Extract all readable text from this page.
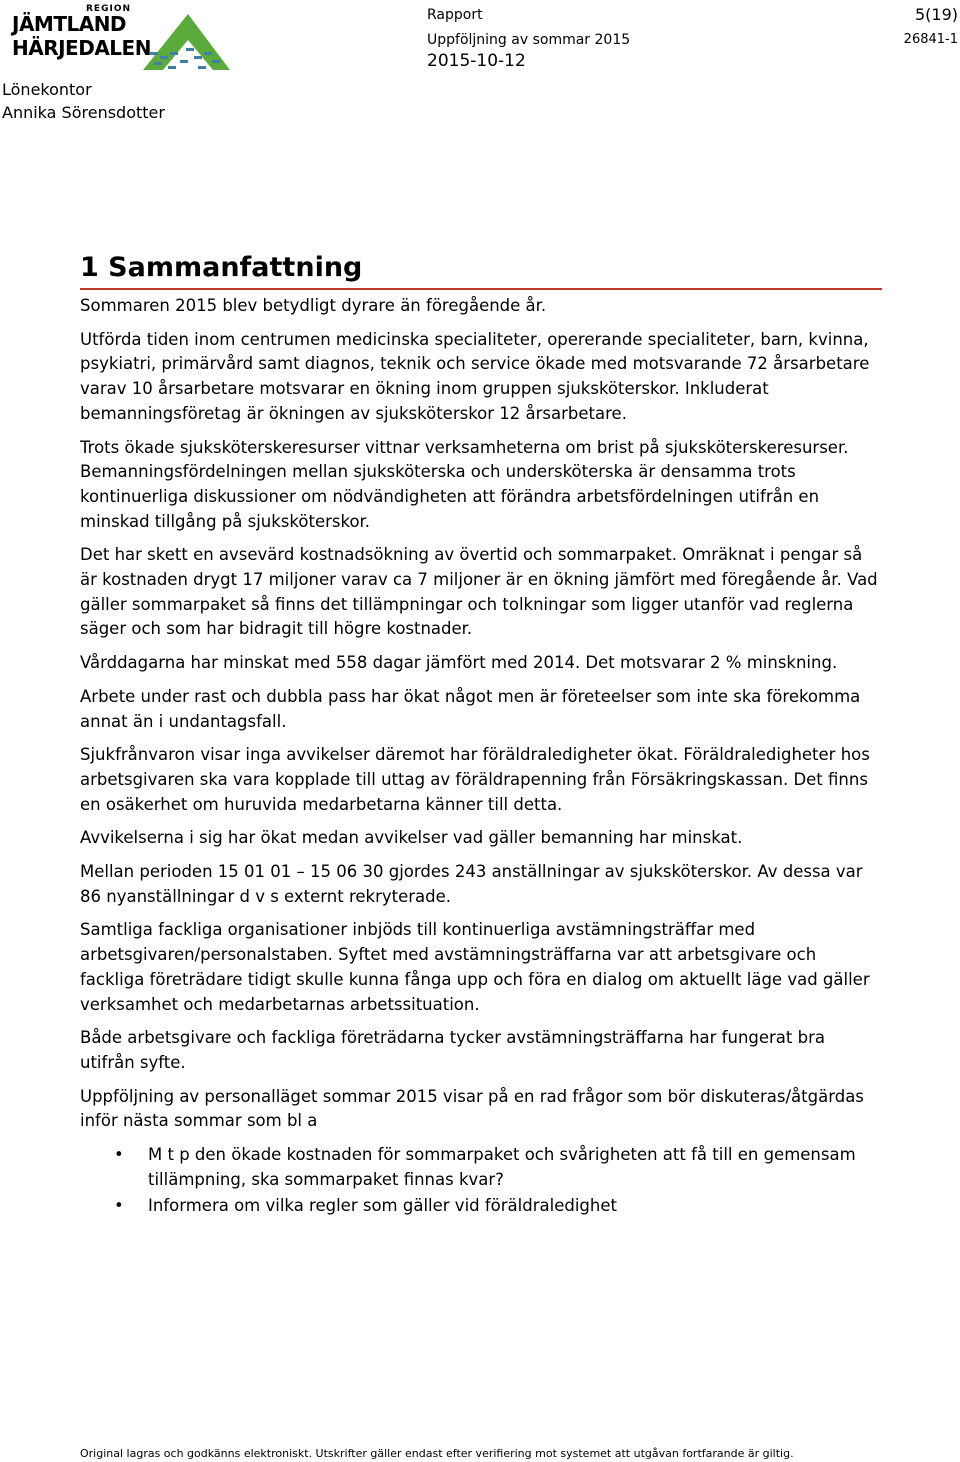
REGION
JÄMTLAND
HÄRJEDALEN
Rapport
Uppföljning av sommar 2015
2015-10-12
5(19)
26841-1
Lönekontor
Annika Sörensdotter
1 Sammanfattning

Sommaren 2015 blev betydligt dyrare än föregående år.

Utförda tiden inom centrumen medicinska specialiteter, opererande specialiteter, barn, kvinna, psykiatri, primärvård samt diagnos, teknik och service ökade med motsvarande 72 årsarbetare varav 10 årsarbetare motsvarar en ökning inom gruppen sjuksköterskor. Inkluderat bemanningsföretag är ökningen av sjuksköterskor 12 årsarbetare.

Trots ökade sjuksköterskeresurser vittnar verksamheterna om brist på sjuksköterskeresurser. Bemanningsfördelningen mellan sjuksköterska och undersköterska är densamma trots kontinuerliga diskussioner om nödvändigheten att förändra arbetsfördelningen utifrån en minskad tillgång på sjuksköterskor.

Det har skett en avsevärd kostnadsökning av övertid och sommarpaket. Omräknat i pengar så är kostnaden drygt 17 miljoner varav ca 7 miljoner är en ökning jämfört med föregående år. Vad gäller sommarpaket så finns det tillämpningar och tolkningar som ligger utanför vad reglerna säger och som har bidragit till högre kostnader.

Vårddagarna har minskat med 558 dagar jämfört med 2014. Det motsvarar 2 % minskning.

Arbete under rast och dubbla pass har ökat något men är företeelser som inte ska förekomma annat än i undantagsfall.

Sjukfrånvaron visar inga avvikelser däremot har föräldraledigheter ökat. Föräldraledigheter hos arbetsgivaren ska vara kopplade till uttag av föräldrapenning från Försäkringskassan. Det finns en osäkerhet om huruvida medarbetarna känner till detta.

Avvikelserna i sig har ökat medan avvikelser vad gäller bemanning har minskat.

Mellan perioden 15 01 01 – 15 06 30 gjordes 243 anställningar av sjuksköterskor. Av dessa var 86 nyanställningar d v s externt rekryterade.

Samtliga fackliga organisationer inbjöds till kontinuerliga avstämningsträffar med arbetsgivaren/personalstaben. Syftet med avstämningsträffarna var att arbetsgivare och fackliga företrädare tidigt skulle kunna fånga upp och föra en dialog om aktuellt läge vad gäller verksamhet och medarbetarnas arbetssituation.

Både arbetsgivare och fackliga företrädarna tycker avstämningsträffarna har fungerat bra utifrån syfte.

Uppföljning av personalläget sommar 2015 visar på en rad frågor som bör diskuteras/åtgärdas inför nästa sommar som bl a

• M t p den ökade kostnaden för sommarpaket och svårigheten att få till en gemensam tillämpning, ska sommarpaket finnas kvar?
• Informera om vilka regler som gäller vid föräldraledighet
Original lagras och godkänns elektroniskt. Utskrifter gäller endast efter verifiering mot systemet att utgåvan fortfarande är giltig.
